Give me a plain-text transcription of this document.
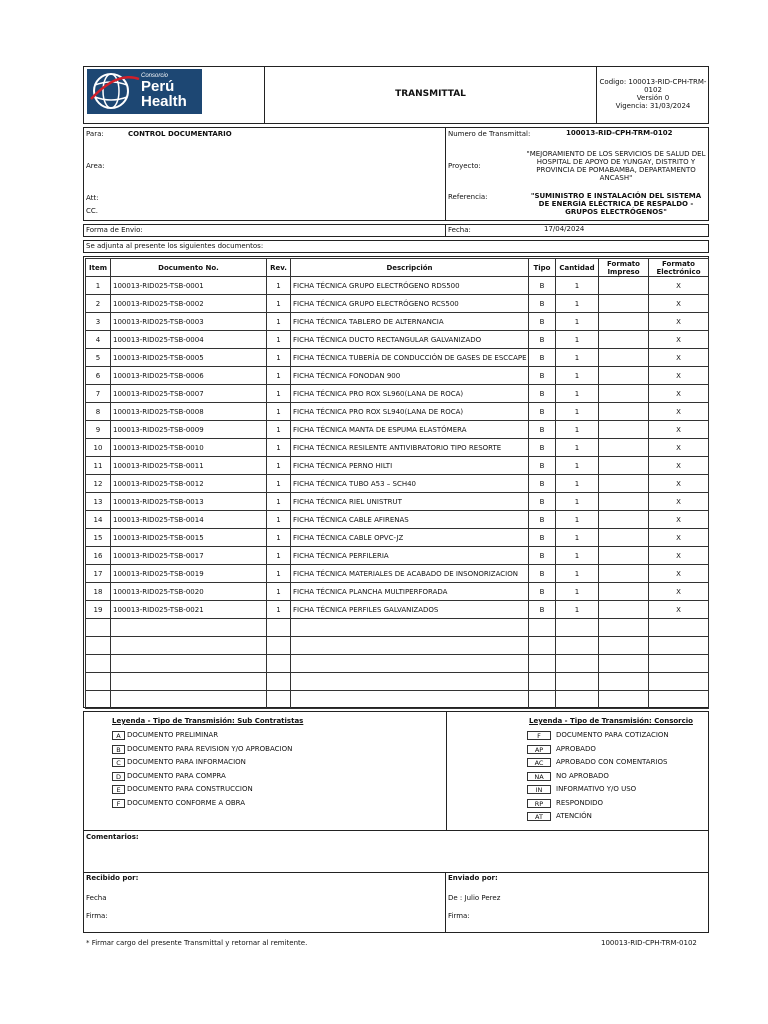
Consorcio
Perú
Health	TRANSMITTAL
Codigo: 100013-RID-CPH-TRM-
0102
Versión 0
Vigencia: 31/03/2024
Para:	CONTROL DOCUMENTARIO
Area:
Att:
CC.
Numero de Transmittal:	100013-RID-CPH-TRM-0102
Proyecto:
"MEJORAMIENTO DE LOS SERVICIOS DE SALUD DEL
HOSPITAL DE APOYO DE YUNGAY, DISTRITO Y
PROVINCIA DE POMABAMBA, DEPARTAMENTO
ANCASH"
Referencia:	"SUMINISTRO E INSTALACIÓN DEL SISTEMA
DE ENERGÍA ELÉCTRICA DE RESPALDO -
GRUPOS ELECTRÓGENOS"
Forma de Envio:	Fecha:	17/04/2024
Se adjunta al presente los siguientes documentos:
Item	Documento No.	Rev.	Descripción	Tipo	Cantidad	Formato Impreso	Formato Electrónico
1	100013-RID025-TSB-0001	1	FICHA TÉCNICA GRUPO ELECTRÓGENO RDS500	B	1		X
2	100013-RID025-TSB-0002	1	FICHA TÉCNICA GRUPO ELECTRÓGENO RCS500	B	1		X
3	100013-RID025-TSB-0003	1	FICHA TÉCNICA TABLERO DE ALTERNANCIA	B	1		X
4	100013-RID025-TSB-0004	1	FICHA TÉCNICA DUCTO RECTANGULAR GALVANIZADO	B	1		X
5	100013-RID025-TSB-0005	1	FICHA TÉCNICA TUBERÍA DE CONDUCCIÓN DE GASES DE ESCCAPE	B	1		X
6	100013-RID025-TSB-0006	1	FICHA TÉCNICA FONODAN 900	B	1		X
7	100013-RID025-TSB-0007	1	FICHA TÉCNICA PRO ROX SL960(LANA DE ROCA)	B	1		X
8	100013-RID025-TSB-0008	1	FICHA TÉCNICA PRO ROX SL940(LANA DE ROCA)	B	1		X
9	100013-RID025-TSB-0009	1	FICHA TÉCNICA MANTA DE ESPUMA ELASTÓMERA	B	1		X
10	100013-RID025-TSB-0010	1	FICHA TÉCNICA RESILENTE ANTIVIBRATORIO TIPO RESORTE	B	1		X
11	100013-RID025-TSB-0011	1	FICHA TÉCNICA PERNO HILTI	B	1		X
12	100013-RID025-TSB-0012	1	FICHA TÉCNICA TUBO A53 – SCH40	B	1		X
13	100013-RID025-TSB-0013	1	FICHA TÉCNICA RIEL UNISTRUT	B	1		X
14	100013-RID025-TSB-0014	1	FICHA TÉCNICA CABLE AFIRENAS	B	1		X
15	100013-RID025-TSB-0015	1	FICHA TÉCNICA CABLE OPVC-JZ	B	1		X
16	100013-RID025-TSB-0017	1	FICHA TÉCNICA PERFILERIA	B	1		X
17	100013-RID025-TSB-0019	1	FICHA TÉCNICA MATERIALES DE ACABADO DE INSONORIZACION	B	1		X
18	100013-RID025-TSB-0020	1	FICHA TÉCNICA PLANCHA MULTIPERFORADA	B	1		X
19	100013-RID025-TSB-0021	1	FICHA TÉCNICA PERFILES GALVANIZADOS	B	1		X

Leyenda - Tipo de Transmisión: Sub Contratistas	Leyenda - Tipo de Transmisión: Consorcio
A DOCUMENTO PRELIMINAR
B DOCUMENTO PARA REVISION Y/O APROBACION
C DOCUMENTO PARA INFORMACION
D DOCUMENTO PARA COMPRA
E DOCUMENTO PARA CONSTRUCCION
F DOCUMENTO CONFORME A OBRA
F	DOCUMENTO PARA COTIZACION
AP	APROBADO
AC	APROBADO CON COMENTARIOS
NA	NO APROBADO
IN	INFORMATIVO Y/O USO
RP	RESPONDIDO
AT	ATENCIÓN
Comentarios:
Recibido por:
Fecha
Firma:
Enviado por:
De : Julio Perez
Firma:
* Firmar cargo del presente Transmittal y retornar al remitente.	100013-RID-CPH-TRM-0102
